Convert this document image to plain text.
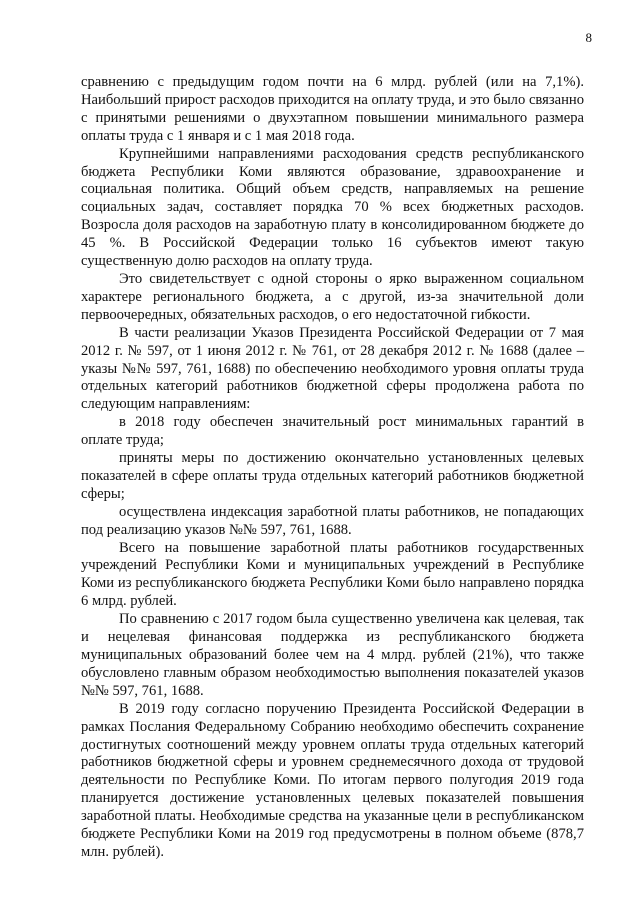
8

сравнению с предыдущим годом почти на 6 млрд. рублей (или на 7,1%). Наибольший прирост расходов приходится на оплату труда, и это было связанно с принятыми решениями о двухэтапном повышении минимального размера оплаты труда с 1 января и с 1 мая 2018 года.

Крупнейшими направлениями расходования средств республиканского бюджета Республики Коми являются образование, здравоохранение и социальная политика. Общий объем средств, направляемых на решение социальных задач, составляет порядка 70 % всех бюджетных расходов. Возросла доля расходов на заработную плату в консолидированном бюджете до 45 %. В Российской Федерации только 16 субъектов имеют такую существенную долю расходов на оплату труда.

Это свидетельствует с одной стороны о ярко выраженном социальном характере регионального бюджета, а с другой, из-за значительной доли первоочередных, обязательных расходов, о его недостаточной гибкости.

В части реализации Указов Президента Российской Федерации от 7 мая 2012 г. № 597, от 1 июня 2012 г. № 761, от 28 декабря 2012 г. № 1688 (далее – указы №№ 597, 761, 1688) по обеспечению необходимого уровня оплаты труда отдельных категорий работников бюджетной сферы продолжена работа по следующим направлениям:

в 2018 году обеспечен значительный рост минимальных гарантий в оплате труда;

приняты меры по достижению окончательно установленных целевых показателей в сфере оплаты труда отдельных категорий работников бюджетной сферы;

осуществлена индексация заработной платы работников, не попадающих под реализацию указов №№ 597, 761, 1688.

Всего на повышение заработной платы работников государственных учреждений Республики Коми и муниципальных учреждений в Республике Коми из республиканского бюджета Республики Коми было направлено порядка 6 млрд. рублей.

По сравнению с 2017 годом была существенно увеличена как целевая, так и нецелевая финансовая поддержка из республиканского бюджета муниципальных образований более чем на 4 млрд. рублей (21%), что также обусловлено главным образом необходимостью выполнения показателей указов №№ 597, 761, 1688.

В 2019 году согласно поручению Президента Российской Федерации в рамках Послания Федеральному Собранию необходимо обеспечить сохранение достигнутых соотношений между уровнем оплаты труда отдельных категорий работников бюджетной сферы и уровнем среднемесячного дохода от трудовой деятельности по Республике Коми. По итогам первого полугодия 2019 года планируется достижение установленных целевых показателей повышения заработной платы. Необходимые средства на указанные цели в республиканском бюджете Республики Коми на 2019 год предусмотрены в полном объеме (878,7 млн. рублей).
